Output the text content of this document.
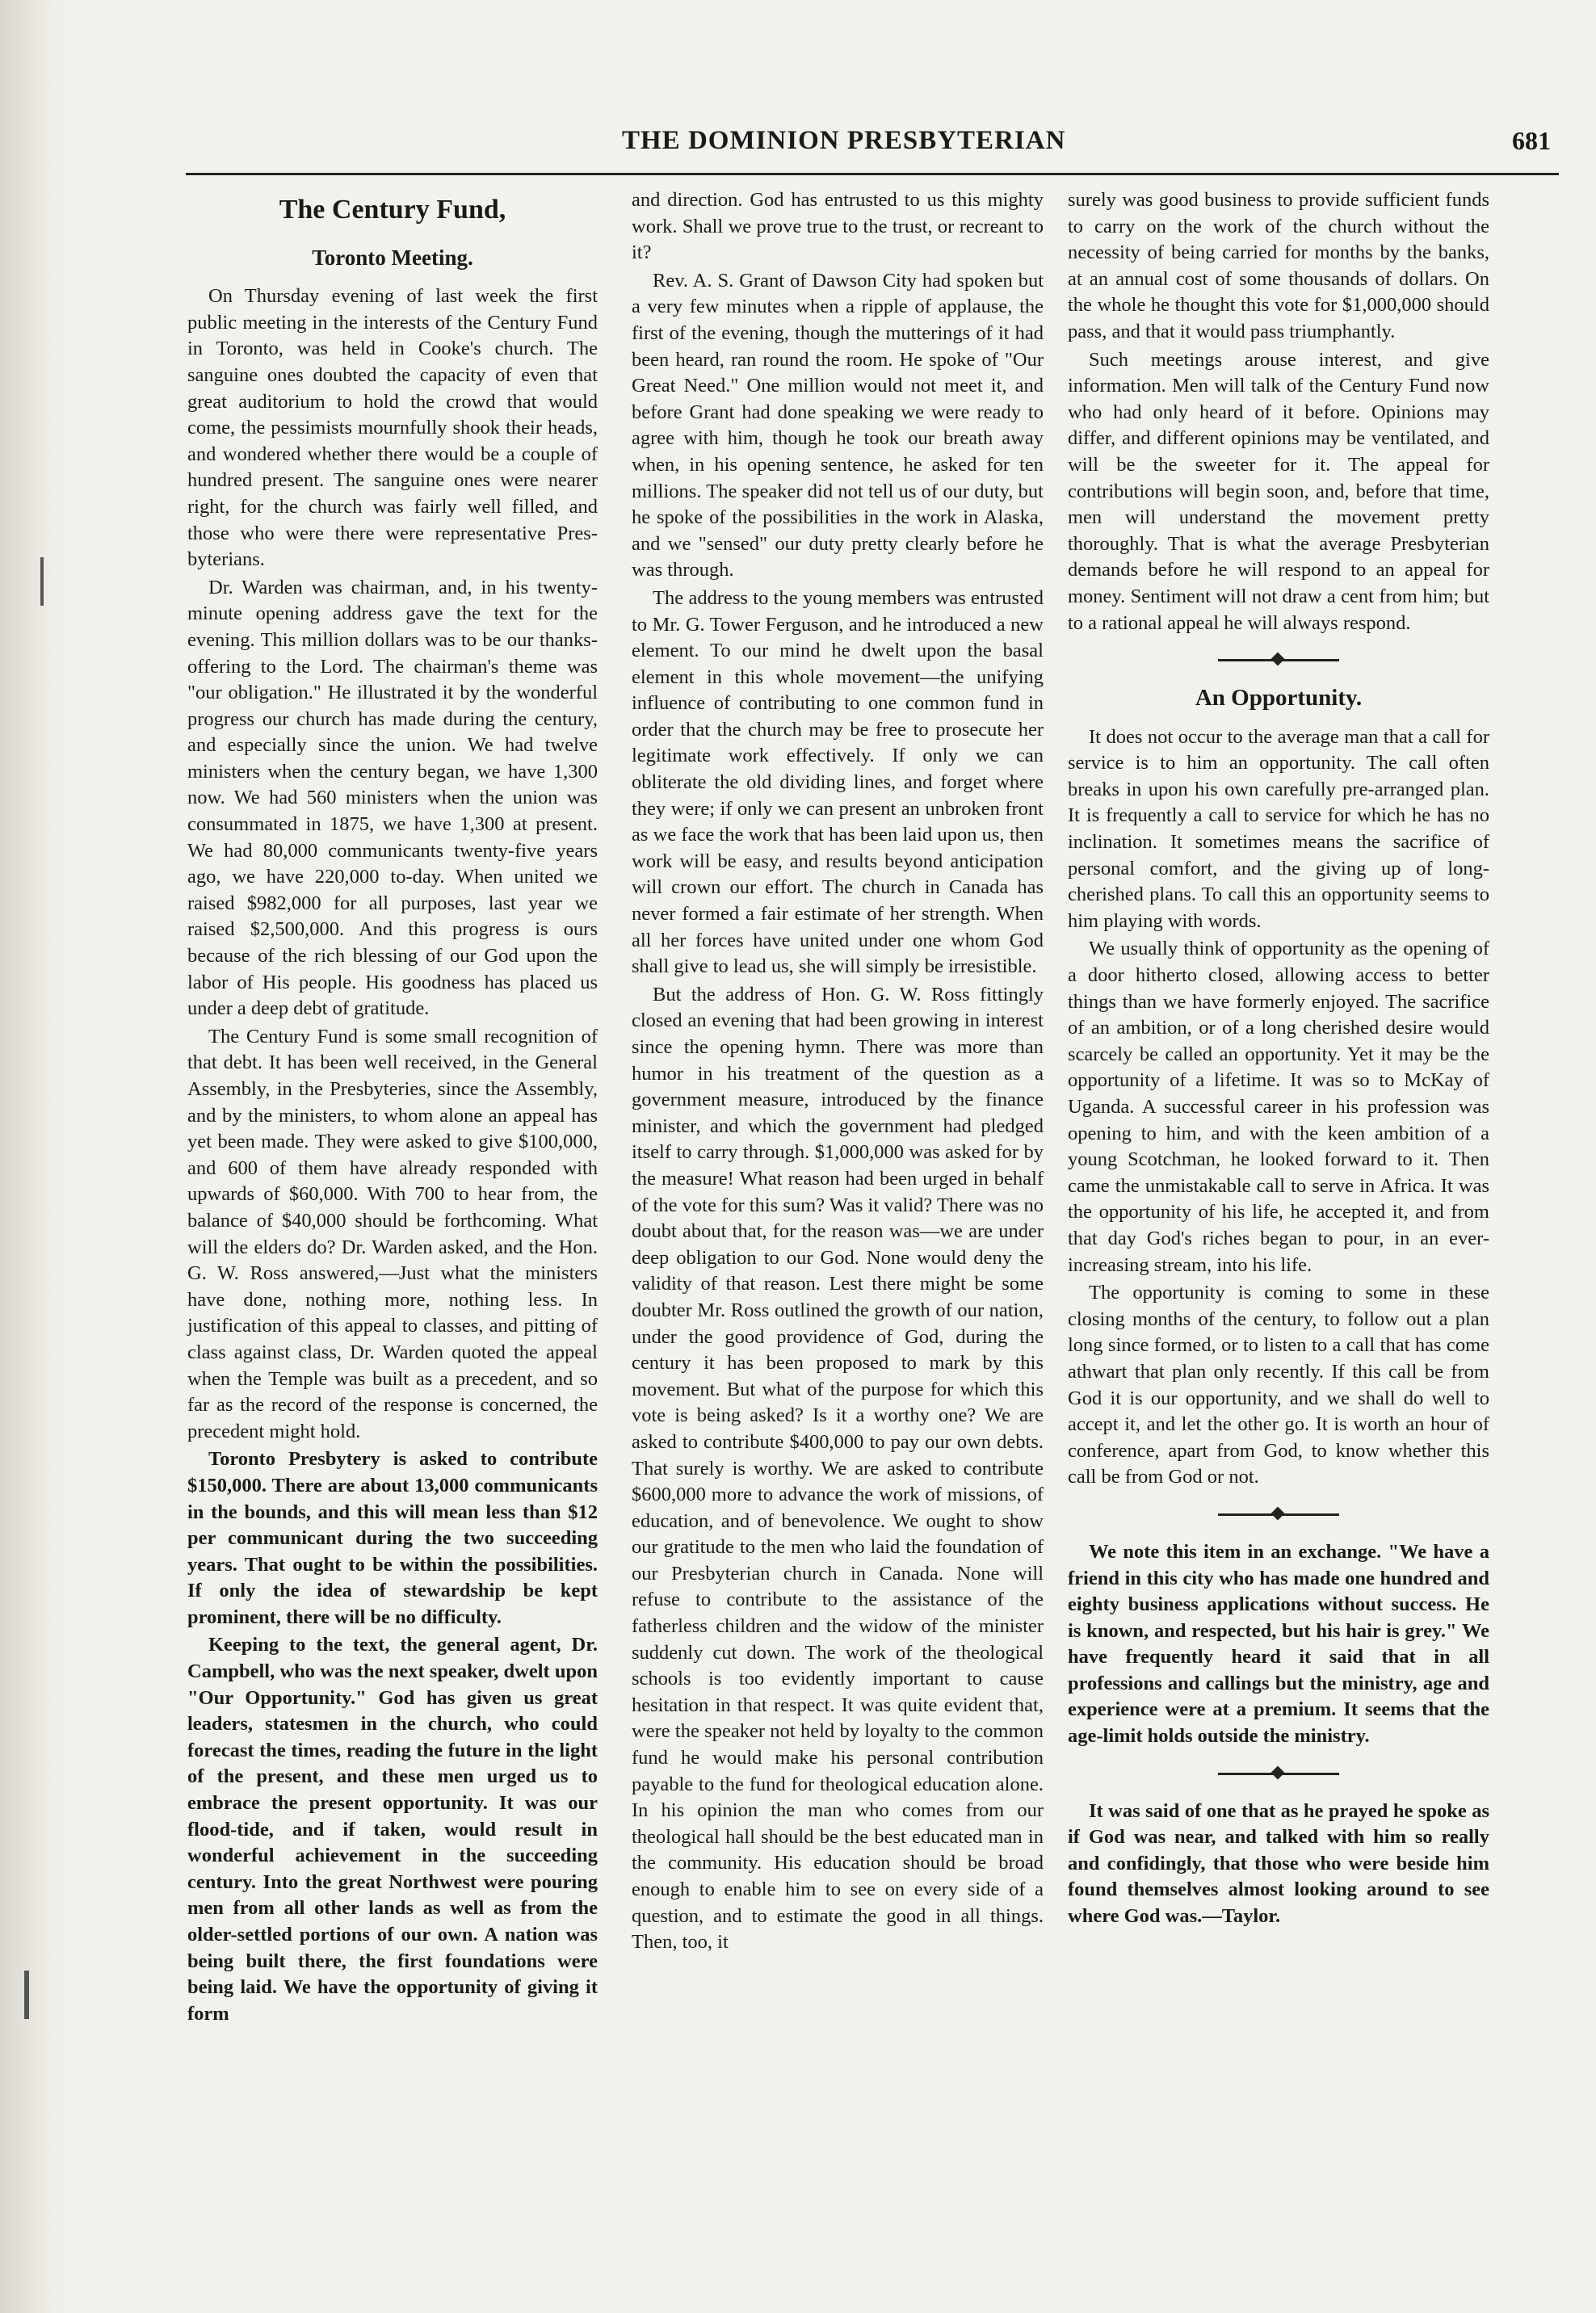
THE DOMINION PRESBYTERIAN	681
The Century Fund,
Toronto Meeting.

On Thursday evening of last week the first public meeting in the interests of the Century Fund in Toronto, was held in Cooke's church. The sanguine ones doubted the capacity of even that great auditorium to hold the crowd that would come, the pessimists mournfully shook their heads, and wondered whether there would be a couple of hundred present. The sanguine ones were nearer right, for the church was fairly well filled, and those who were there were representative Pres-byterians.

Dr. Warden was chairman, and, in his twenty-minute opening address gave the text for the evening. This million dollars was to be our thanks-offering to the Lord. The chairman's theme was "our obligation." He illustrated it by the wonderful progress our church has made during the century, and especially since the union. We had twelve ministers when the century began, we have 1,300 now. We had 560 ministers when the union was consummated in 1875, we have 1,300 at present. We had 80,000 communicants twenty-five years ago, we have 220,000 to-day. When united we raised $982,000 for all purposes, last year we raised $2,500,000. And this progress is ours because of the rich blessing of our God upon the labor of His people. His goodness has placed us under a deep debt of gratitude.

The Century Fund is some small recognition of that debt. It has been well received, in the General Assembly, in the Presbyteries, since the Assembly, and by the ministers, to whom alone an appeal has yet been made. They were asked to give $100,000, and 600 of them have already responded with upwards of $60,000. With 700 to hear from, the balance of $40,000 should be forthcoming. What will the elders do? Dr. Warden asked, and the Hon. G. W. Ross answered,—Just what the ministers have done, nothing more, nothing less. In justification of this appeal to classes, and pitting of class against class, Dr. Warden quoted the appeal when the Temple was built as a precedent, and so far as the record of the response is concerned, the precedent might hold.

Toronto Presbytery is asked to contribute $150,000. There are about 13,000 communicants in the bounds, and this will mean less than $12 per communicant during the two succeeding years. That ought to be within the possibilities. If only the idea of stewardship be kept prominent, there will be no difficulty.

Keeping to the text, the general agent, Dr. Campbell, who was the next speaker, dwelt upon "Our Opportunity." God has given us great leaders, statesmen in the church, who could forecast the times, reading the future in the light of the present, and these men urged us to embrace the present opportunity. It was our flood-tide, and if taken, would result in wonderful achievement in the succeeding century. Into the great Northwest were pouring men from all other lands as well as from the older-settled portions of our own. A nation was being built there, the first foundations were being laid. We have the opportunity of giving it form

and direction. God has entrusted to us this mighty work. Shall we prove true to the trust, or recreant to it?

Rev. A. S. Grant of Dawson City had spoken but a very few minutes when a ripple of applause, the first of the evening, though the mutterings of it had been heard, ran round the room. He spoke of "Our Great Need." One million would not meet it, and before Grant had done speaking we were ready to agree with him, though he took our breath away when, in his opening sentence, he asked for ten millions. The speaker did not tell us of our duty, but he spoke of the possibilities in the work in Alaska, and we "sensed" our duty pretty clearly before he was through.

The address to the young members was entrusted to Mr. G. Tower Ferguson, and he introduced a new element. To our mind he dwelt upon the basal element in this whole movement—the unifying influence of contributing to one common fund in order that the church may be free to prosecute her legitimate work effectively. If only we can obliterate the old dividing lines, and forget where they were; if only we can present an unbroken front as we face the work that has been laid upon us, then work will be easy, and results beyond anticipation will crown our effort. The church in Canada has never formed a fair estimate of her strength. When all her forces have united under one whom God shall give to lead us, she will simply be irresistible.

But the address of Hon. G. W. Ross fittingly closed an evening that had been growing in interest since the opening hymn. There was more than humor in his treatment of the question as a government measure, introduced by the finance minister, and which the government had pledged itself to carry through. $1,000,000 was asked for by the measure! What reason had been urged in behalf of the vote for this sum? Was it valid? There was no doubt about that, for the reason was—we are under deep obligation to our God. None would deny the validity of that reason. Lest there might be some doubter Mr. Ross outlined the growth of our nation, under the good providence of God, during the century it has been proposed to mark by this movement. But what of the purpose for which this vote is being asked? Is it a worthy one? We are asked to contribute $400,000 to pay our own debts. That surely is worthy. We are asked to contribute $600,000 more to advance the work of missions, of education, and of benevolence. We ought to show our gratitude to the men who laid the foundation of our Presbyterian church in Canada. None will refuse to contribute to the assistance of the fatherless children and the widow of the minister suddenly cut down. The work of the theological schools is too evidently important to cause hesitation in that respect. It was quite evident that, were the speaker not held by loyalty to the common fund he would make his personal contribution payable to the fund for theological education alone. In his opinion the man who comes from our theological hall should be the best educated man in the community. His education should be broad enough to enable him to see on every side of a question, and to estimate the good in all things. Then, too, it

surely was good business to provide sufficient funds to carry on the work of the church without the necessity of being carried for months by the banks, at an annual cost of some thousands of dollars. On the whole he thought this vote for $1,000,000 should pass, and that it would pass triumphantly.

Such meetings arouse interest, and give information. Men will talk of the Century Fund now who had only heard of it before. Opinions may differ, and different opinions may be ventilated, and will be the sweeter for it. The appeal for contributions will begin soon, and, before that time, men will understand the movement pretty thoroughly. That is what the average Presbyterian demands before he will respond to an appeal for money. Sentiment will not draw a cent from him; but to a rational appeal he will always respond.

An Opportunity.

It does not occur to the average man that a call for service is to him an opportunity. The call often breaks in upon his own carefully pre-arranged plan. It is frequently a call to service for which he has no inclination. It sometimes means the sacrifice of personal comfort, and the giving up of long-cherished plans. To call this an opportunity seems to him playing with words.

We usually think of opportunity as the opening of a door hitherto closed, allowing access to better things than we have formerly enjoyed. The sacrifice of an ambition, or of a long cherished desire would scarcely be called an opportunity. Yet it may be the opportunity of a lifetime. It was so to McKay of Uganda. A successful career in his profession was opening to him, and with the keen ambition of a young Scotchman, he looked forward to it. Then came the unmistakable call to serve in Africa. It was the opportunity of his life, he accepted it, and from that day God's riches began to pour, in an ever-increasing stream, into his life.

The opportunity is coming to some in these closing months of the century, to follow out a plan long since formed, or to listen to a call that has come athwart that plan only recently. If this call be from God it is our opportunity, and we shall do well to accept it, and let the other go. It is worth an hour of conference, apart from God, to know whether this call be from God or not.

We note this item in an exchange. "We have a friend in this city who has made one hundred and eighty business applications without success. He is known, and respected, but his hair is grey." We have frequently heard it said that in all professions and callings but the ministry, age and experience were at a premium. It seems that the age-limit holds outside the ministry.

It was said of one that as he prayed he spoke as if God was near, and talked with him so really and confidingly, that those who were beside him found themselves almost looking around to see where God was.—Taylor.
